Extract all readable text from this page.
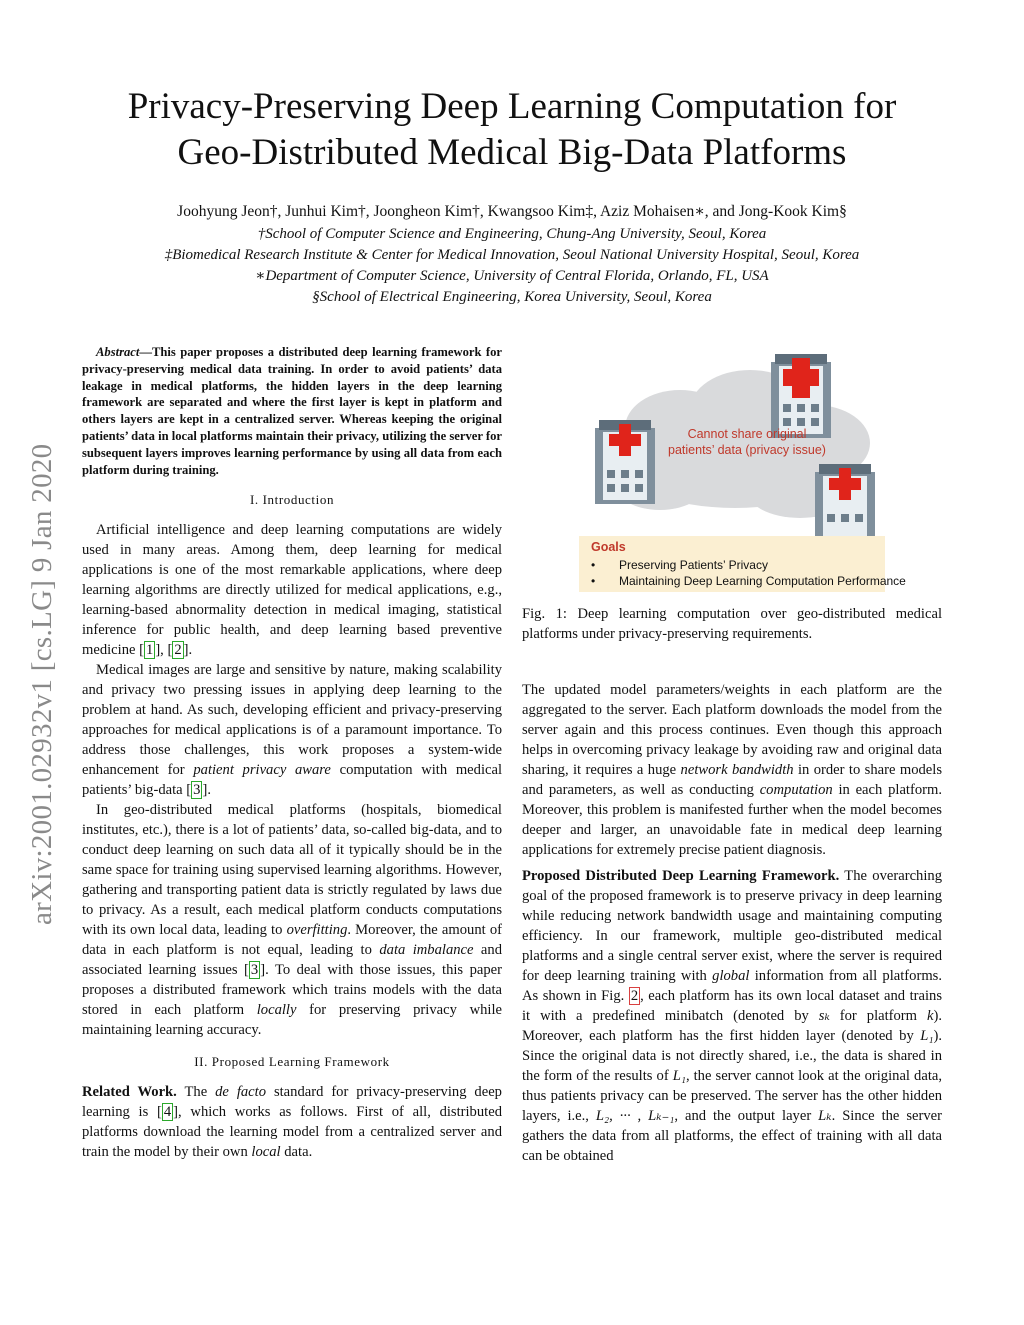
Privacy-Preserving Deep Learning Computation for
Geo-Distributed Medical Big-Data Platforms
Joohyung Jeon†, Junhui Kim†, Joongheon Kim†, Kwangsoo Kim‡, Aziz Mohaisen∗, and Jong-Kook Kim§
†School of Computer Science and Engineering, Chung-Ang University, Seoul, Korea
‡Biomedical Research Institute & Center for Medical Innovation, Seoul National University Hospital, Seoul, Korea
∗Department of Computer Science, University of Central Florida, Orlando, FL, USA
§School of Electrical Engineering, Korea University, Seoul, Korea
arXiv:2001.02932v1 [cs.LG] 9 Jan 2020

Abstract—This paper proposes a distributed deep learning framework for privacy-preserving medical data training. In order to avoid patients’ data leakage in medical platforms, the hidden layers in the deep learning framework are separated and where the first layer is kept in platform and others layers are kept in a centralized server. Whereas keeping the original patients’ data in local platforms maintain their privacy, utilizing the server for subsequent layers improves learning performance by using all data from each platform during training.

I. Introduction

Artificial intelligence and deep learning computations are widely used in many areas. Among them, deep learning for medical applications is one of the most remarkable applications, where deep learning algorithms are directly utilized for medical applications, e.g., learning-based abnormality detection in medical imaging, statistical inference for public health, and deep learning based preventive medicine [ 1 ], [ 2 ].

Medical images are large and sensitive by nature, making scalability and privacy two pressing issues in applying deep learning to the problem at hand. As such, developing efficient and privacy-preserving approaches for medical applications is of a paramount importance. To address those challenges, this work proposes a system-wide enhancement for patient privacy aware computation with medical patients’ big-data [ 3 ].

In geo-distributed medical platforms (hospitals, biomedical institutes, etc.), there is a lot of patients’ data, so-called big-data, and to conduct deep learning on such data all of it typically should be in the same space for training using supervised learning algorithms. However, gathering and transporting patient data is strictly regulated by laws due to privacy. As a result, each medical platform conducts computations with its own local data, leading to overfitting. Moreover, the amount of data in each platform is not equal, leading to data imbalance and associated learning issues [ 3 ]. To deal with those issues, this paper proposes a distributed framework which trains models with the data stored in each platform locally for preserving privacy while maintaining learning accuracy.

II. Proposed Learning Framework

Related Work. The de facto standard for privacy-preserving deep learning is [ 4 ], which works as follows. First of all, distributed platforms download the learning model from a centralized server and train the model by their own local data.

Cannot share original patients’ data (privacy issue)
Goals
• Preserving Patients’ Privacy
• Maintaining Deep Learning Computation Performance
Fig. 1: Deep learning computation over geo-distributed medical platforms under privacy-preserving requirements.

The updated model parameters/weights in each platform are the aggregated to the server. Each platform downloads the model from the server again and this process continues. Even though this approach helps in overcoming privacy leakage by avoiding raw and original data sharing, it requires a huge network bandwidth in order to share models and parameters, as well as conducting computation in each platform. Moreover, this problem is manifested further when the model becomes deeper and larger, an unavoidable fate in medical deep learning applications for extremely precise patient diagnosis.

Proposed Distributed Deep Learning Framework. The overarching goal of the proposed framework is to preserve privacy in deep learning while reducing network bandwidth usage and maintaining computing efficiency. In our framework, multiple geo-distributed medical platforms and a single central server exist, where the server is required for deep learning training with global information from all platforms. As shown in Fig. 2 , each platform has its own local dataset and trains it with a predefined minibatch (denoted by sₖ for platform k). Moreover, each platform has the first hidden layer (denoted by L₁). Since the original data is not directly shared, i.e., the data is shared in the form of the results of L₁, the server cannot look at the original data, thus patients privacy can be preserved. The server has the other hidden layers, i.e., L₂, ··· , Lₖ₋₁, and the output layer Lₖ. Since the server gathers the data from all platforms, the effect of training with all data can be obtained
